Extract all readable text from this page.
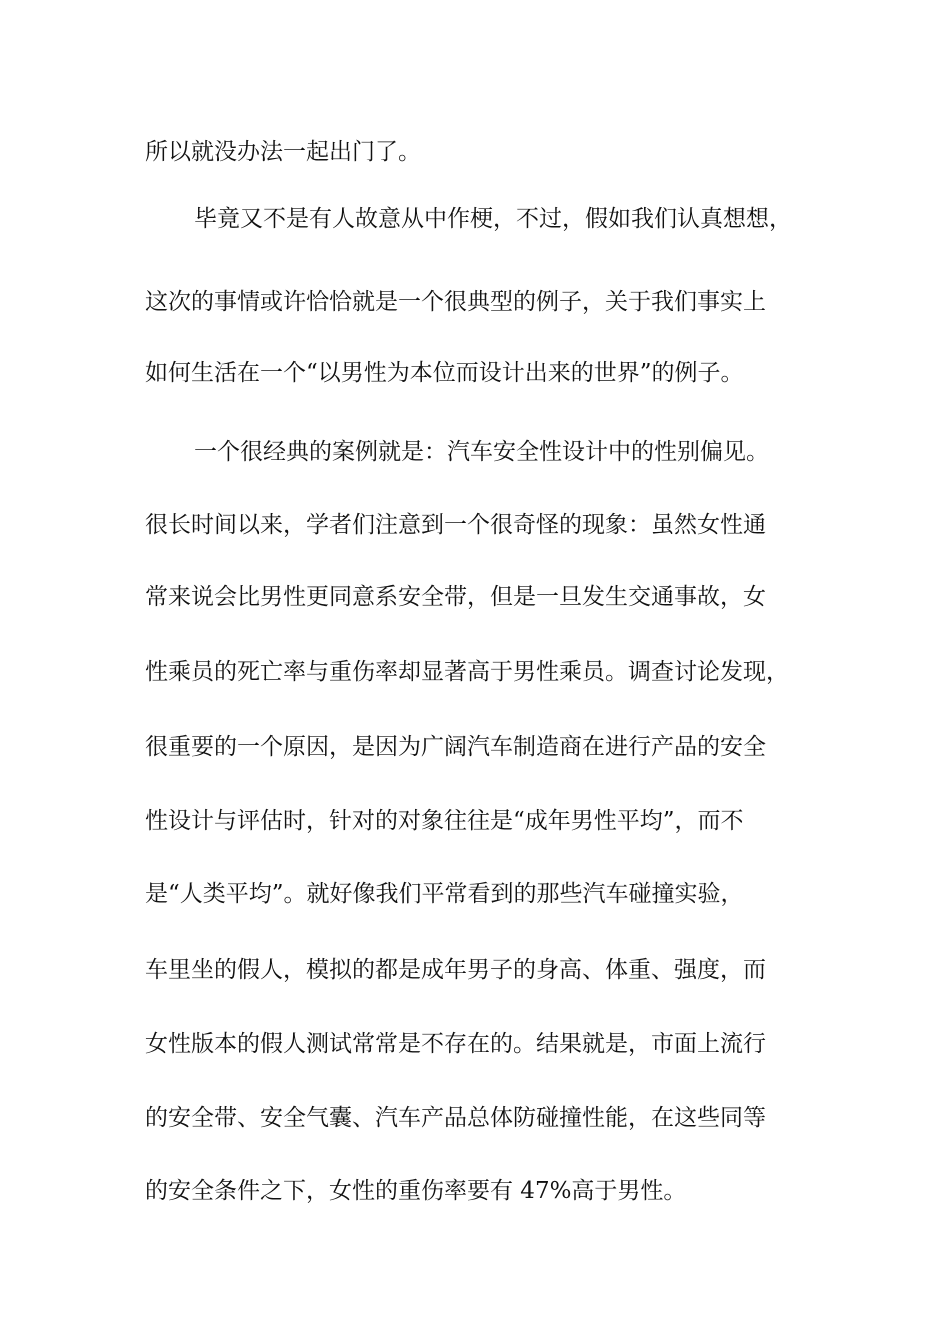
所以就没办法一起出门了。
毕竟又不是有人故意从中作梗，不过，假如我们认真想想，
这次的事情或许恰恰就是一个很典型的例子，关于我们事实上
如何生活在一个“以男性为本位而设计出来的世界”的例子。
一个很经典的案例就是：汽车安全性设计中的性别偏见。
很长时间以来，学者们注意到一个很奇怪的现象：虽然女性通
常来说会比男性更同意系安全带，但是一旦发生交通事故，女
性乘员的死亡率与重伤率却显著高于男性乘员。调查讨论发现，
很重要的一个原因，是因为广阔汽车制造商在进行产品的安全
性设计与评估时，针对的对象往往是“成年男性平均”，而不
是“人类平均”。就好像我们平常看到的那些汽车碰撞实验，
车里坐的假人，模拟的都是成年男子的身高、体重、强度，而
女性版本的假人测试常常是不存在的。结果就是，市面上流行
的安全带、安全气囊、汽车产品总体防碰撞性能，在这些同等
的安全条件之下，女性的重伤率要有 47%高于男性。
